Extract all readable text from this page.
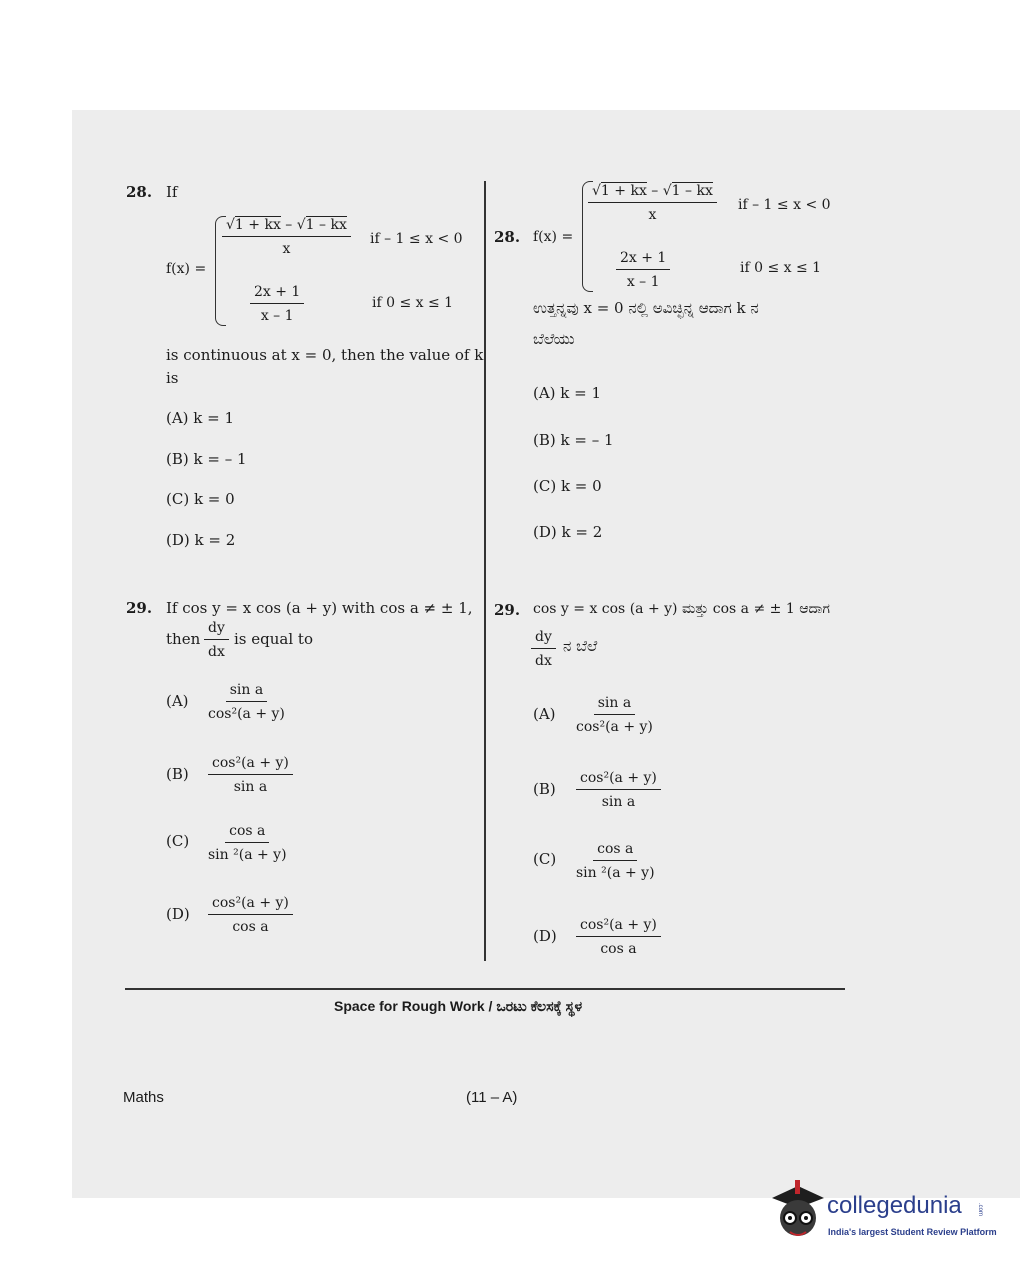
28. If
f(x) =
$\frac{√1 + kx - √1 - kx}{x}$ if – 1 ≤ x < 0
$\frac{2x + 1}{x - 1}$	if 0 ≤ x ≤ 1
is continuous at x = 0, then the value of k
is
(A) k = 1
(B) k = – 1
(C) k = 0
(D) k = 2
29. If cos y = x cos (a + y) with cos a ≠ ± 1,
then $\frac{dy}{dx}$ is equal to
$(A) \frac{\text{sin a}}{\text{cos²(a + y)}}$
$(B) \frac{\text{cos²(a + y)}}{\text{sin a}}$
$(C) \frac{\text{cos a}}{\text{sin ²(a + y)}}$
$(D) \frac{\text{cos²(a + y)}}{\text{cos a}}$
28. f(x) =
$\frac{√1 + kx - √1 - kx}{x}$ if – 1 ≤ x < 0
$\frac{2x + 1}{x - 1}$	if 0 ≤ x ≤ 1
ಉತ್ತನ್ನವು x = 0 ನಲ್ಲಿ ಅವಿಚ್ಛಿನ್ನ ಆದಾಗ k ನ
ಬೆಲೆಯು
(A) k = 1
(B) k = – 1
(C) k = 0
(D) k = 2
29. cos y = x cos (a + y) ಮತ್ತು cos a ≠ ± 1 ಆದಾಗ
$\frac{dy}{dx}$ ನ ಬೆಲೆ
$(A) \frac{\text{sin a}}{\text{cos²(a + y)}}$
$(B) \frac{\text{cos²(a + y)}}{\text{sin a}}$
$(C) \frac{\text{cos a}}{\text{sin ²(a + y)}}$
$(D) \frac{\text{cos²(a + y)}}{\text{cos a}}$
Space for Rough Work / ಒರಟು ಕೆಲಸಕ್ಕೆ ಸ್ಥಳ
Maths	(11 – A)
collegedunia	.com
India's largest Student Review Platform
